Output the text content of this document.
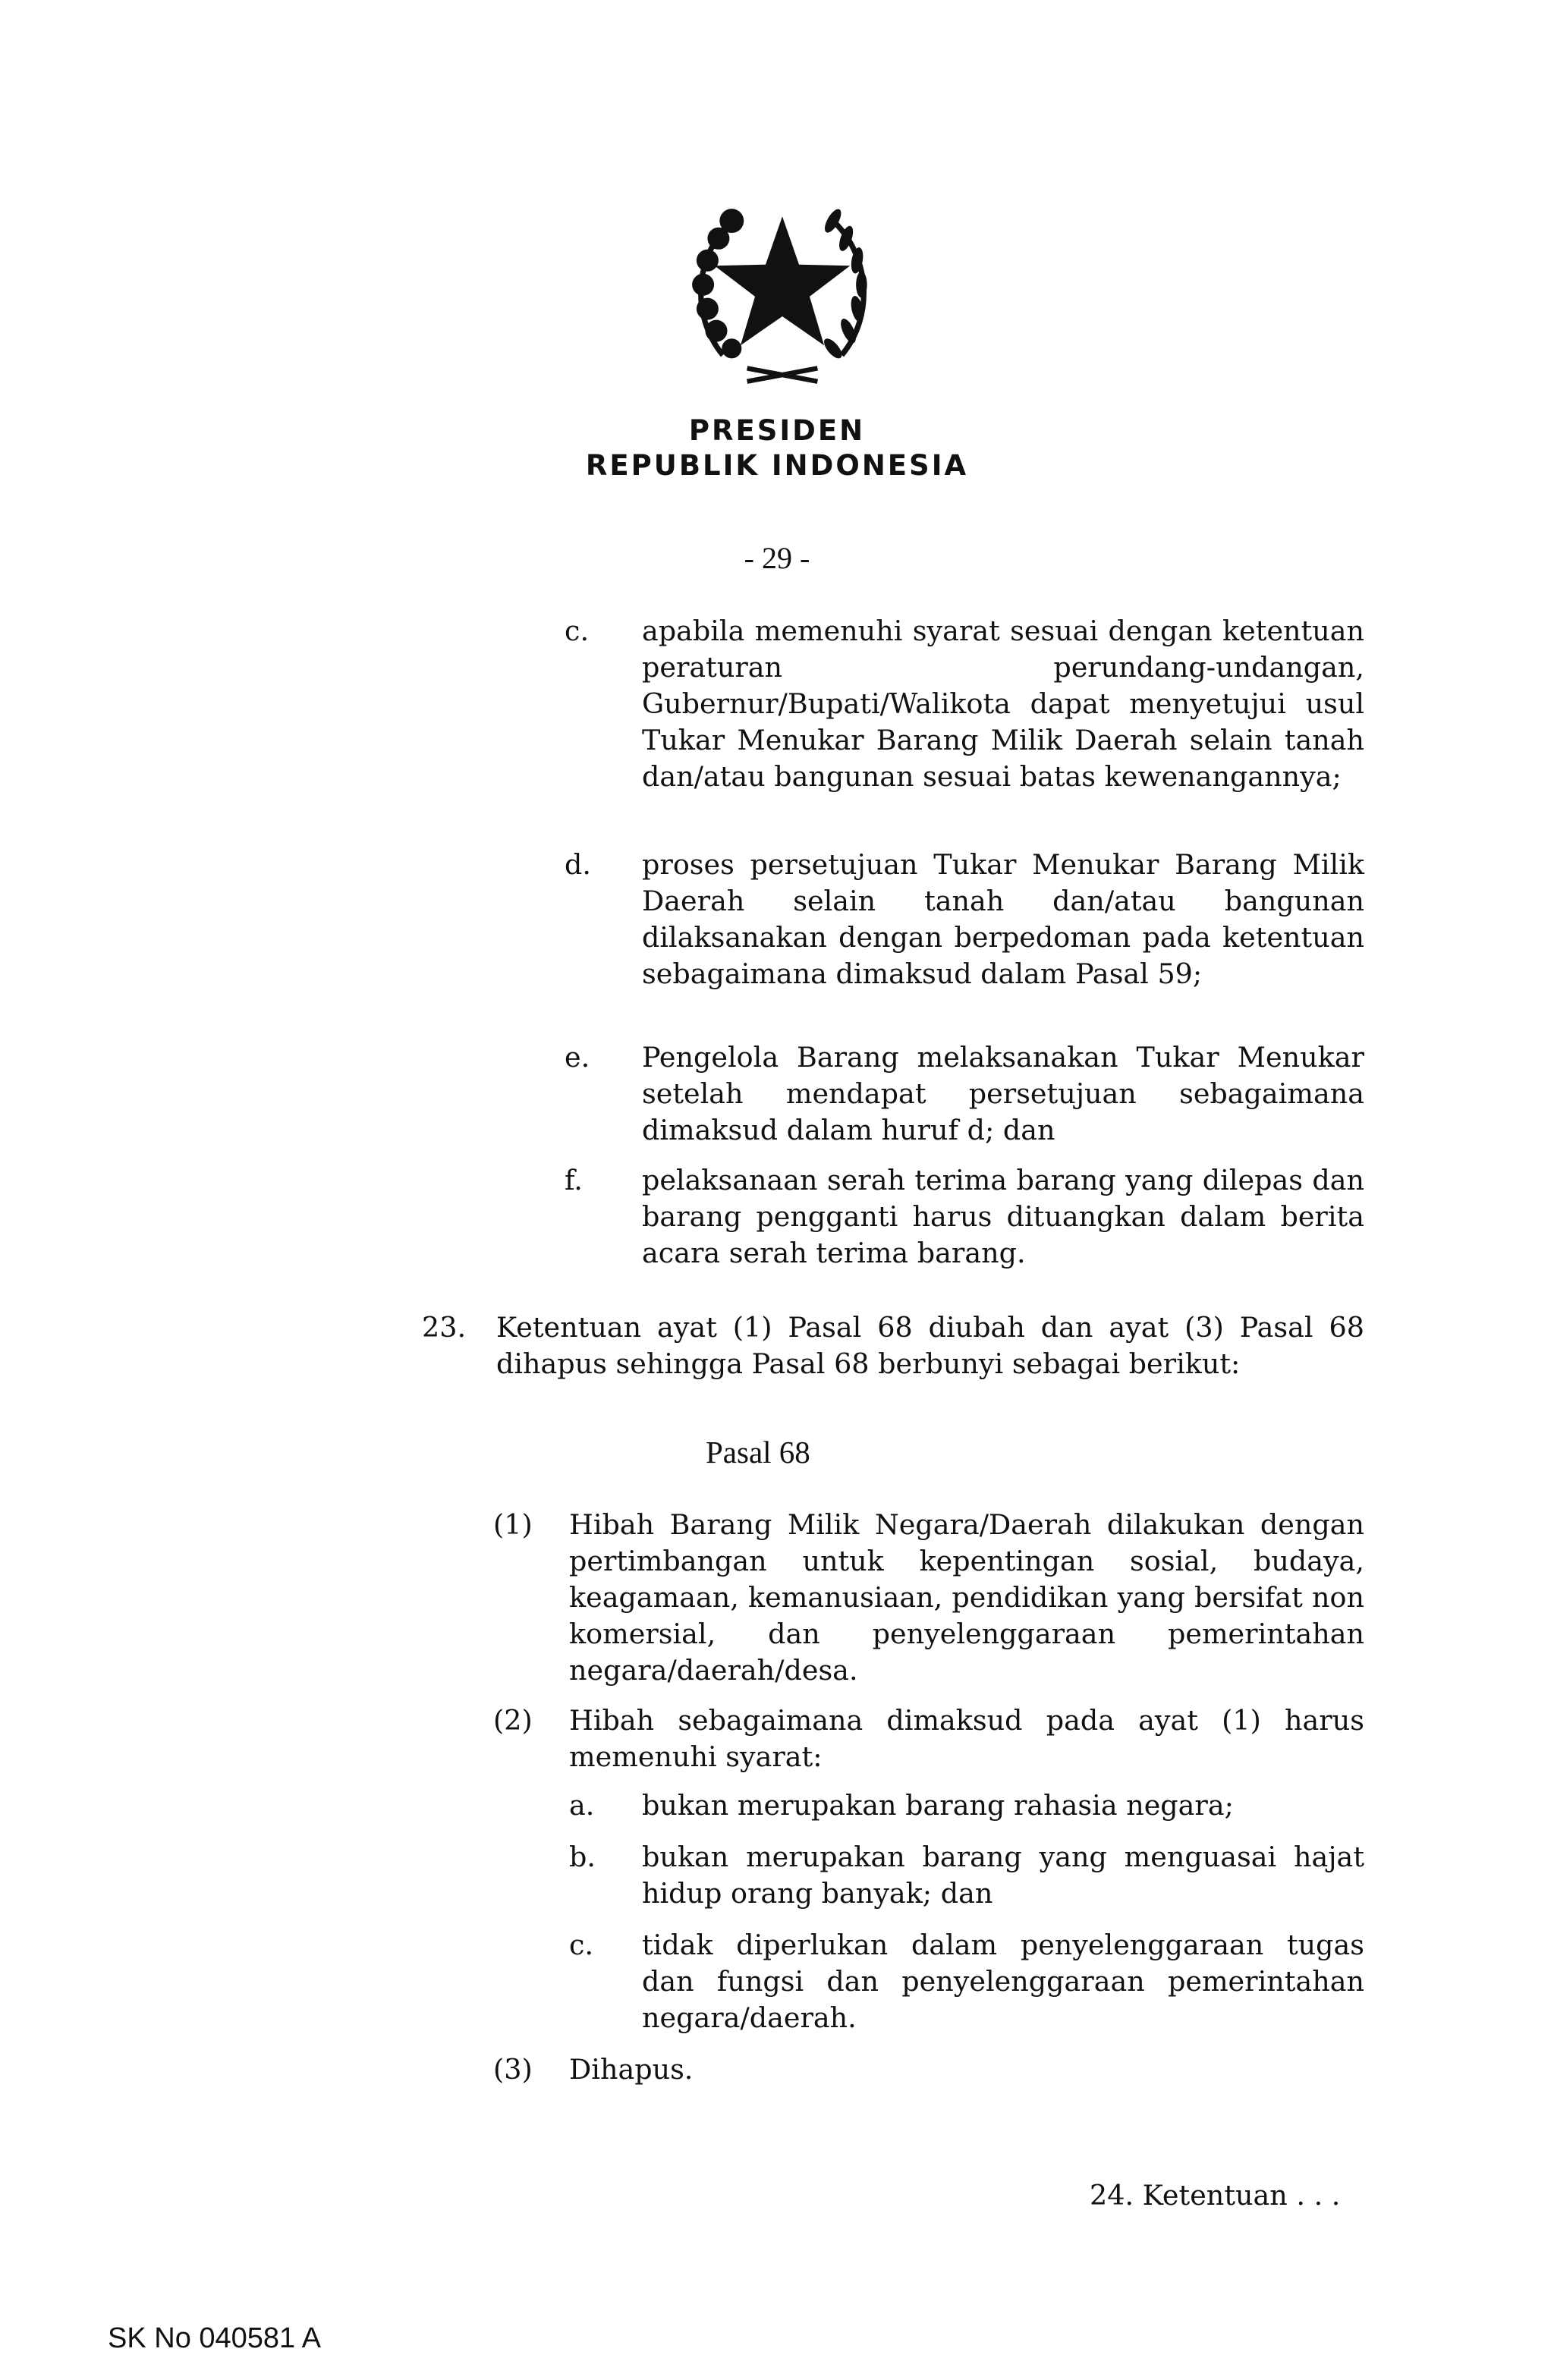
PRESIDEN
REPUBLIK INDONESIA
- 29 -
c. apabila memenuhi syarat sesuai dengan ketentuan peraturan perundang-undangan, Gubernur/Bupati/Walikota dapat menyetujui usul Tukar Menukar Barang Milik Daerah selain tanah dan/atau bangunan sesuai batas kewenangannya;
d. proses persetujuan Tukar Menukar Barang Milik Daerah selain tanah dan/atau bangunan dilaksanakan dengan berpedoman pada ketentuan sebagaimana dimaksud dalam Pasal 59;
e. Pengelola Barang melaksanakan Tukar Menukar setelah mendapat persetujuan sebagaimana dimaksud dalam huruf d; dan
f. pelaksanaan serah terima barang yang dilepas dan barang pengganti harus dituangkan dalam berita acara serah terima barang.
23. Ketentuan ayat (1) Pasal 68 diubah dan ayat (3) Pasal 68 dihapus sehingga Pasal 68 berbunyi sebagai berikut:
Pasal 68
(1) Hibah Barang Milik Negara/Daerah dilakukan dengan pertimbangan untuk kepentingan sosial, budaya, keagamaan, kemanusiaan, pendidikan yang bersifat non komersial, dan penyelenggaraan pemerintahan negara/daerah/desa.
(2) Hibah sebagaimana dimaksud pada ayat (1) harus memenuhi syarat:
a. bukan merupakan barang rahasia negara;
b. bukan merupakan barang yang menguasai hajat hidup orang banyak; dan
c. tidak diperlukan dalam penyelenggaraan tugas dan fungsi dan penyelenggaraan pemerintahan negara/daerah.
(3) Dihapus.
24. Ketentuan . . .
SK No 040581 A
